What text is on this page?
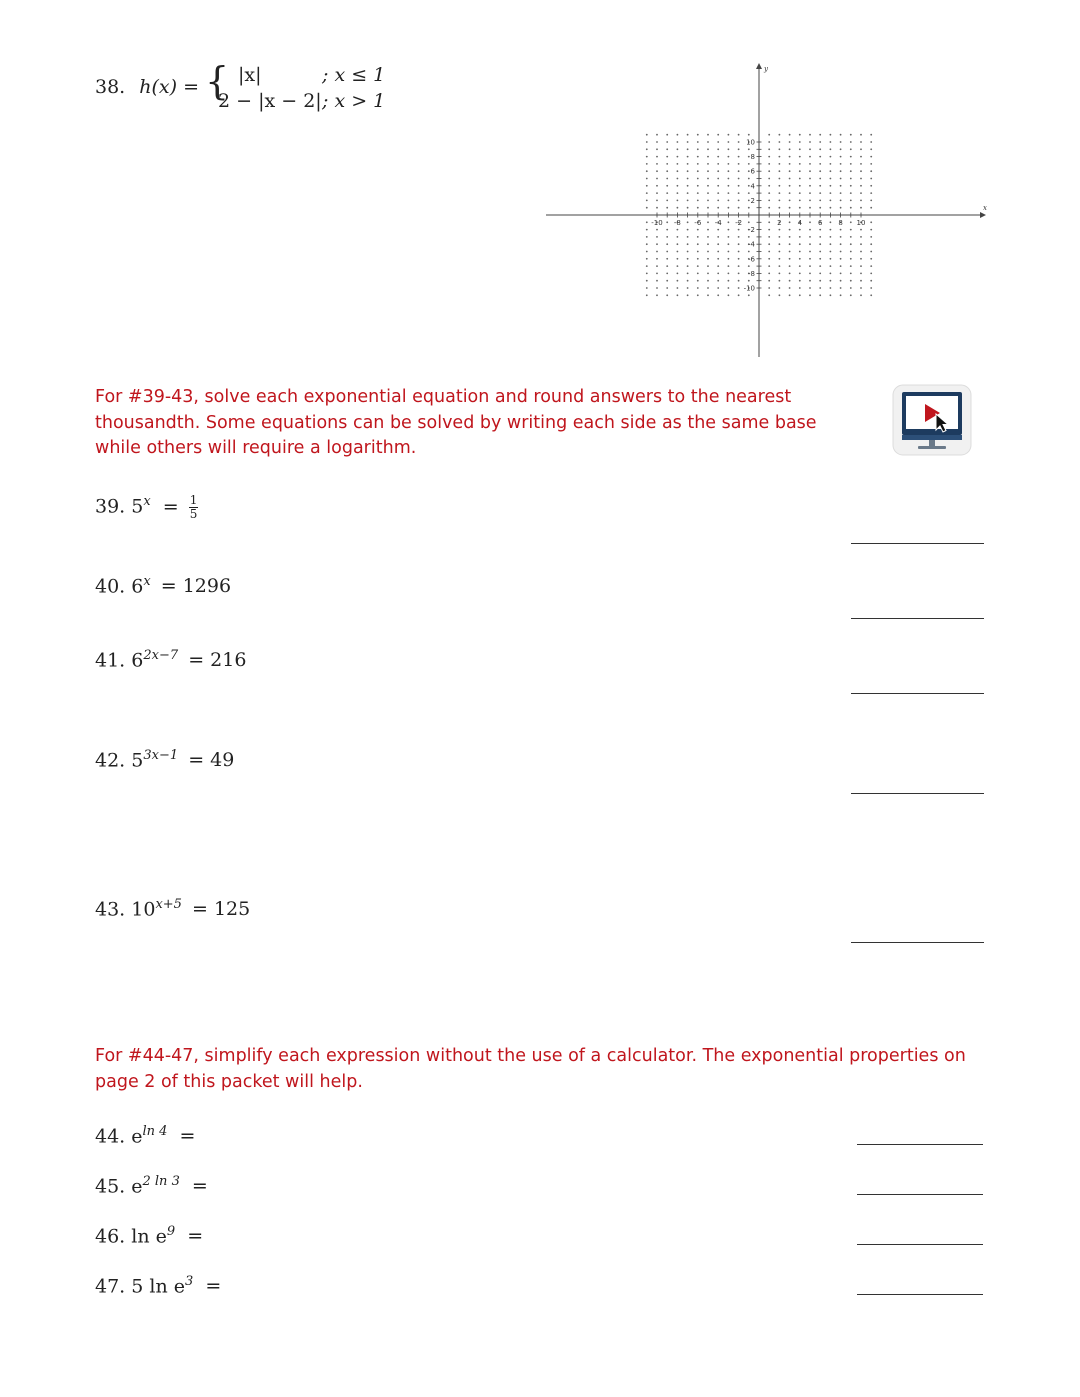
38. h(x) = { |x|	; x ≤ 1
2 − |x − 2| ; x > 1
-10 -8 -6 -4 -2	2 4 6 8 10
10
8
6
4
2
-2
-4
-6
-8
-10
x
y
For #39-43, solve each exponential equation and round answers to the nearest thousandth. Some equations can be solved by writing each side as the same base while others will require a logarithm.
39. $5^x = \frac{1}{5}$
40. $6^x = 1296$
41. $6^{2x-7} = 216$
42. $5^{3x-1} = 49$
43. $10^{x+5} = 125$
For #44-47, simplify each expression without the use of a calculator. The exponential properties on page 2 of this packet will help.
44. $e^{ln 4}$ =
45. $e^{2 ln 3}$ =
46. $\ln e^9$ =
47. 5 $\ln e^3$ =
